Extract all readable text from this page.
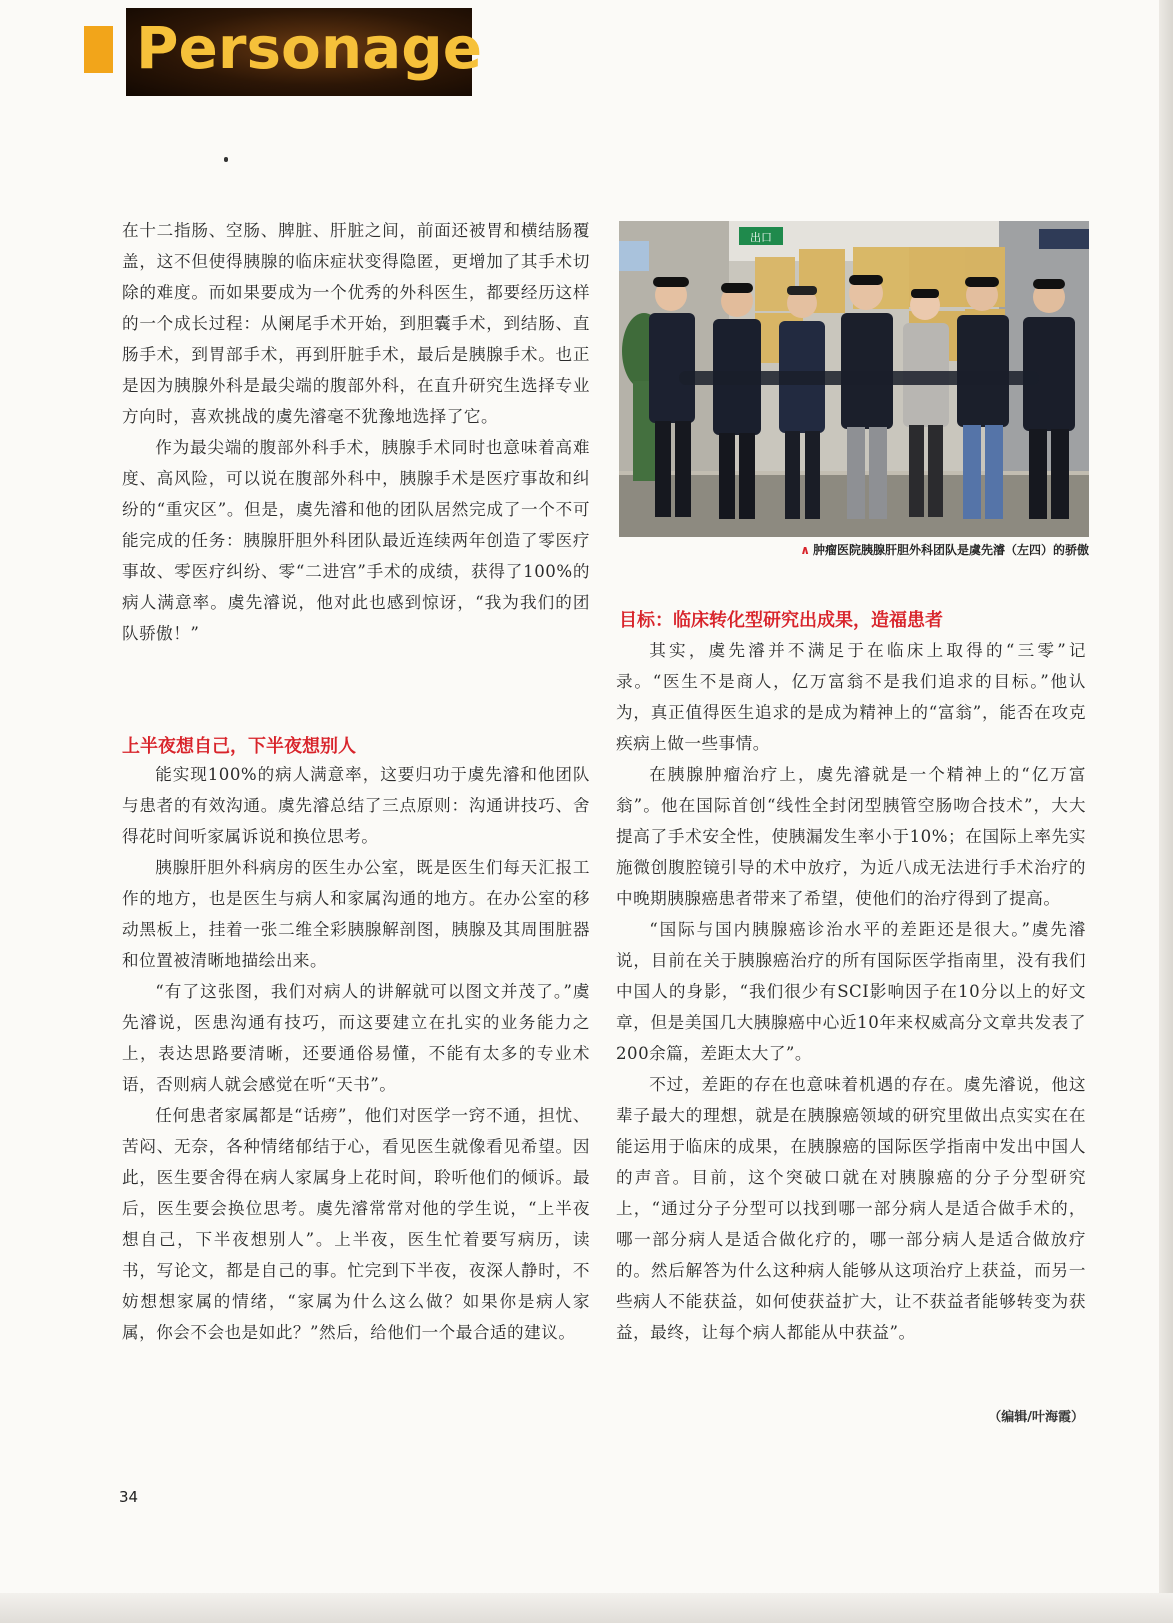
Personage

在十二指肠、空肠、脾脏、肝脏之间，前面还被胃和横结肠覆盖，这不但使得胰腺的临床症状变得隐匿，更增加了其手术切除的难度。而如果要成为一个优秀的外科医生，都要经历这样的一个成长过程：从阑尾手术开始，到胆囊手术，到结肠、直肠手术，到胃部手术，再到肝脏手术，最后是胰腺手术。也正是因为胰腺外科是最尖端的腹部外科，在直升研究生选择专业方向时，喜欢挑战的虞先濬毫不犹豫地选择了它。

作为最尖端的腹部外科手术，胰腺手术同时也意味着高难度、高风险，可以说在腹部外科中，胰腺手术是医疗事故和纠纷的“重灾区”。但是，虞先濬和他的团队居然完成了一个不可能完成的任务：胰腺肝胆外科团队最近连续两年创造了零医疗事故、零医疗纠纷、零“二进宫”手术的成绩，获得了100%的病人满意率。虞先濬说，他对此也感到惊讶，“我为我们的团队骄傲！”

上半夜想自己，下半夜想别人

能实现100%的病人满意率，这要归功于虞先濬和他团队与患者的有效沟通。虞先濬总结了三点原则：沟通讲技巧、舍得花时间听家属诉说和换位思考。

胰腺肝胆外科病房的医生办公室，既是医生们每天汇报工作的地方，也是医生与病人和家属沟通的地方。在办公室的移动黑板上，挂着一张二维全彩胰腺解剖图，胰腺及其周围脏器和位置被清晰地描绘出来。

“有了这张图，我们对病人的讲解就可以图文并茂了。”虞先濬说，医患沟通有技巧，而这要建立在扎实的业务能力之上，表达思路要清晰，还要通俗易懂，不能有太多的专业术语，否则病人就会感觉在听“天书”。

任何患者家属都是“话痨”，他们对医学一窍不通，担忧、苦闷、无奈，各种情绪郁结于心，看见医生就像看见希望。因此，医生要舍得在病人家属身上花时间，聆听他们的倾诉。最后，医生要会换位思考。虞先濬常常对他的学生说，“上半夜想自己，下半夜想别人”。上半夜，医生忙着要写病历，读书，写论文，都是自己的事。忙完到下半夜，夜深人静时，不妨想想家属的情绪，“家属为什么这么做？如果你是病人家属，你会不会也是如此？”然后，给他们一个最合适的建议。

出口
∧ 肿瘤医院胰腺肝胆外科团队是虞先濬（左四）的骄傲
目标：临床转化型研究出成果，造福患者

其实，虞先濬并不满足于在临床上取得的“三零”记录。“医生不是商人，亿万富翁不是我们追求的目标。”他认为，真正值得医生追求的是成为精神上的“富翁”，能否在攻克疾病上做一些事情。

在胰腺肿瘤治疗上，虞先濬就是一个精神上的“亿万富翁”。他在国际首创“线性全封闭型胰管空肠吻合技术”，大大提高了手术安全性，使胰漏发生率小于10%；在国际上率先实施微创腹腔镜引导的术中放疗，为近八成无法进行手术治疗的中晚期胰腺癌患者带来了希望，使他们的治疗得到了提高。

“国际与国内胰腺癌诊治水平的差距还是很大。”虞先濬说，目前在关于胰腺癌治疗的所有国际医学指南里，没有我们中国人的身影，“我们很少有SCI影响因子在10分以上的好文章，但是美国几大胰腺癌中心近10年来权威高分文章共发表了200余篇，差距太大了”。

不过，差距的存在也意味着机遇的存在。虞先濬说，他这辈子最大的理想，就是在胰腺癌领域的研究里做出点实实在在能运用于临床的成果，在胰腺癌的国际医学指南中发出中国人的声音。目前，这个突破口就在对胰腺癌的分子分型研究上，“通过分子分型可以找到哪一部分病人是适合做手术的，哪一部分病人是适合做化疗的，哪一部分病人是适合做放疗的。然后解答为什么这种病人能够从这项治疗上获益，而另一些病人不能获益，如何使获益扩大，让不获益者能够转变为获益，最终，让每个病人都能从中获益”。

（编辑/叶海霞）
34
